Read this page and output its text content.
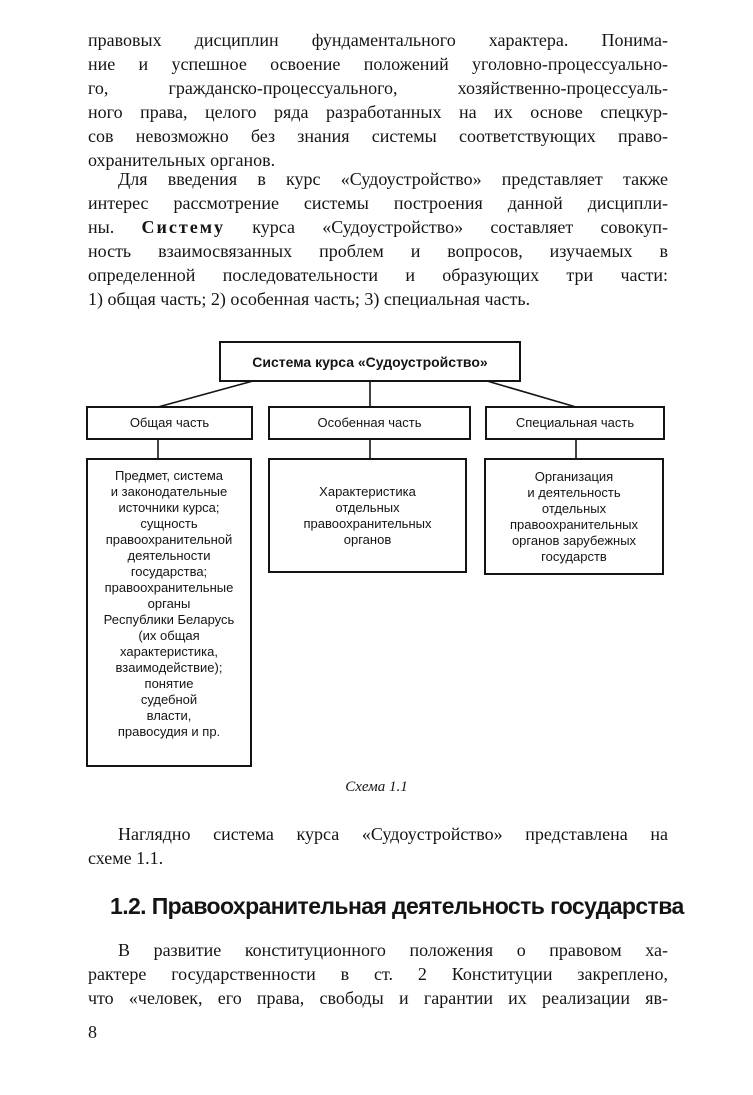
правовых дисциплин фундаментального характера. Понима-
ние и успешное освоение положений уголовно-процессуально-
го, гражданско-процессуального, хозяйственно-процессуаль-
ного права, целого ряда разработанных на их основе спецкур-
сов невозможно без знания системы соответствующих право-
охранительных органов.
Для введения в курс «Судоустройство» представляет также
интерес рассмотрение системы построения данной дисципли-
ны. Систему курса «Судоустройство» составляет совокуп-
ность взаимосвязанных проблем и вопросов, изучаемых в
определенной последовательности и образующих три части:
1) общая часть; 2) особенная часть; 3) специальная часть.
Система курса «Судоустройство»
Общая часть	Особенная часть	Специальная часть
Предмет, система
и законодательные
источники курса;
сущность
правоохранительной
деятельности
государства;
правоохранительные
органы
Республики Беларусь
(их общая
характеристика,
взаимодействие);
понятие
судебной
власти,
правосудия и пр.
Характеристика
отдельных
правоохранительных
органов
Организация
и деятельность
отдельных
правоохранительных
органов зарубежных
государств
Схема 1.1
Наглядно система курса «Судоустройство» представлена на
схеме 1.1.
1.2. Правоохранительная деятельность государства
В развитие конституционного положения о правовом ха-
рактере государственности в ст. 2 Конституции закреплено,
что «человек, его права, свободы и гарантии их реализации яв-
8
